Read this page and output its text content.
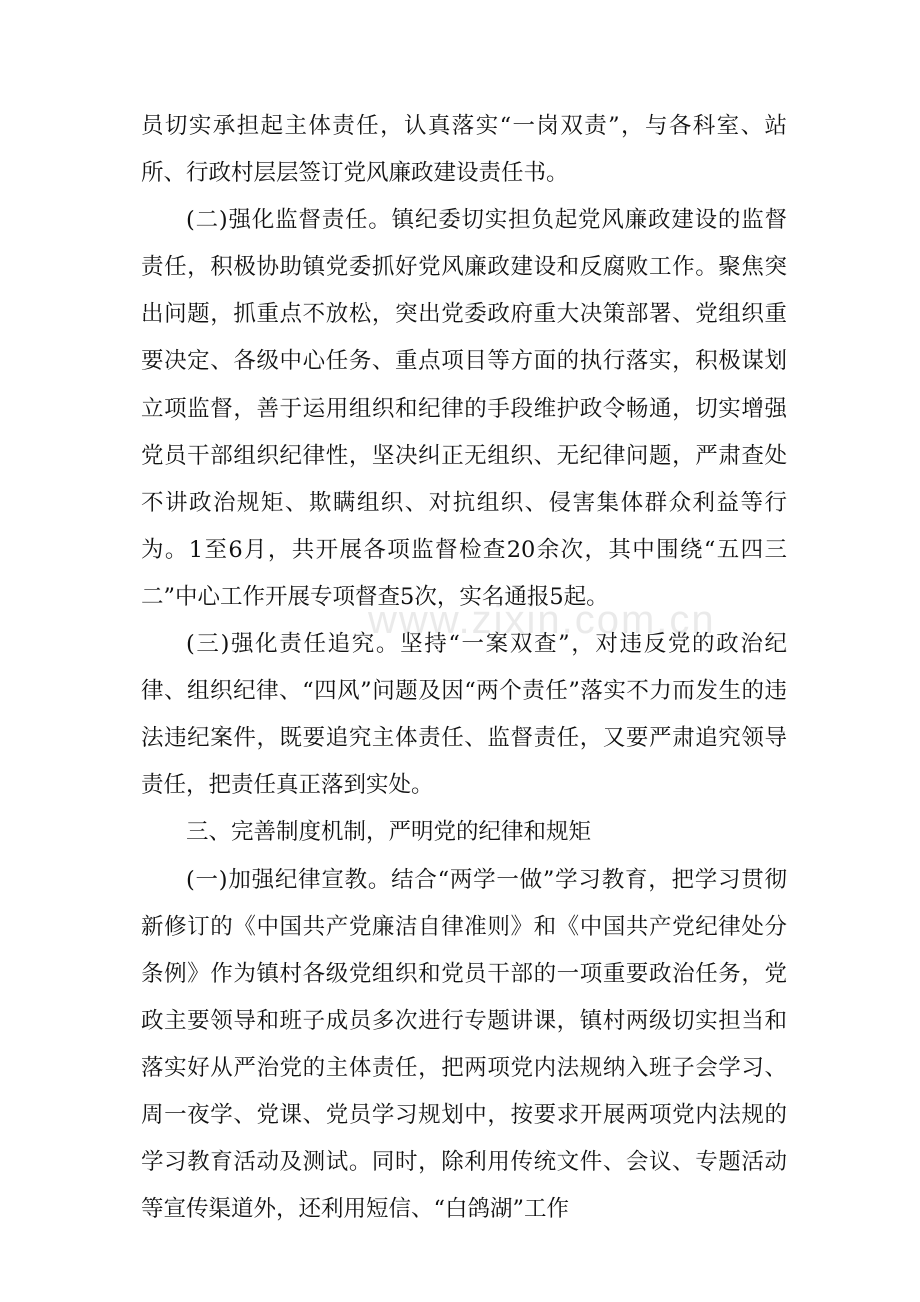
员切实承担起主体责任，认真落实“一岗双责”，与各科室、站所、行政村层层签订党风廉政建设责任书。

(二)强化监督责任。镇纪委切实担负起党风廉政建设的监督责任，积极协助镇党委抓好党风廉政建设和反腐败工作。聚焦突出问题，抓重点不放松，突出党委政府重大决策部署、党组织重要决定、各级中心任务、重点项目等方面的执行落实，积极谋划立项监督，善于运用组织和纪律的手段维护政令畅通，切实增强党员干部组织纪律性，坚决纠正无组织、无纪律问题，严肃查处不讲政治规矩、欺瞒组织、对抗组织、侵害集体群众利益等行为。1至6月，共开展各项监督检查20余次，其中围绕“五四三二”中心工作开展专项督查5次，实名通报5起。

(三)强化责任追究。坚持“一案双查”，对违反党的政治纪律、组织纪律、“四风”问题及因“两个责任”落实不力而发生的违法违纪案件，既要追究主体责任、监督责任，又要严肃追究领导责任，把责任真正落到实处。

三、完善制度机制，严明党的纪律和规矩

(一)加强纪律宣教。结合“两学一做”学习教育，把学习贯彻新修订的《中国共产党廉洁自律准则》和《中国共产党纪律处分条例》作为镇村各级党组织和党员干部的一项重要政治任务，党政主要领导和班子成员多次进行专题讲课，镇村两级切实担当和落实好从严治党的主体责任，把两项党内法规纳入班子会学习、周一夜学、党课、党员学习规划中，按要求开展两项党内法规的学习教育活动及测试。同时，除利用传统文件、会议、专题活动等宣传渠道外，还利用短信、“白鸽湖”工作

www.zixin.com.cn
